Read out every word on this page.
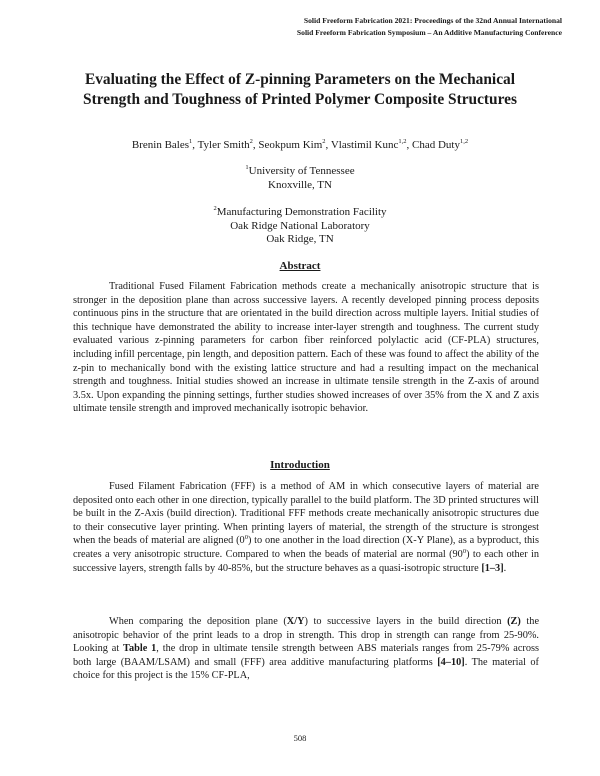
Solid Freeform Fabrication 2021: Proceedings of the 32nd Annual International
Solid Freeform Fabrication Symposium – An Additive Manufacturing Conference
Evaluating the Effect of Z-pinning Parameters on the Mechanical
Strength and Toughness of Printed Polymer Composite Structures
Brenin Bales$^1$, Tyler Smith$^2$, Seokpum Kim$^2$, Vlastimil Kunc$^{1,2}$, Chad Duty$^{1,2}$
$^1$University of Tennessee
Knoxville, TN
$^2$Manufacturing Demonstration Facility
Oak Ridge National Laboratory
Oak Ridge, TN
Abstract

Traditional Fused Filament Fabrication methods create a mechanically anisotropic structure that is stronger in the deposition plane than across successive layers. A recently developed pinning process deposits continuous pins in the structure that are orientated in the build direction across multiple layers. Initial studies of this technique have demonstrated the ability to increase inter-layer strength and toughness. The current study evaluated various z-pinning parameters for carbon fiber reinforced polylactic acid (CF-PLA) structures, including infill percentage, pin length, and deposition pattern. Each of these was found to affect the ability of the z-pin to mechanically bond with the existing lattice structure and had a resulting impact on the mechanical strength and toughness. Initial studies showed an increase in ultimate tensile strength in the Z-axis of around 3.5x. Upon expanding the pinning settings, further studies showed increases of over 35% from the X and Z axis ultimate tensile strength and improved mechanically isotropic behavior.

Introduction

Fused Filament Fabrication (FFF) is a method of AM in which consecutive layers of material are deposited onto each other in one direction, typically parallel to the build platform. The 3D printed structures will be built in the Z-Axis (build direction). Traditional FFF methods create mechanically anisotropic structures due to their consecutive layer printing. When printing layers of material, the strength of the structure is strongest when the beads of material are aligned $(0^0)$ to one another in the load direction (X-Y Plane), as a byproduct, this creates a very anisotropic structure. Compared to when the beads of material are normal $(90^0)$ to each other in successive layers, strength falls by 40-85%, but the structure behaves as a quasi-isotropic structure [1–3].

When comparing the deposition plane (X/Y) to successive layers in the build direction (Z) the anisotropic behavior of the print leads to a drop in strength. This drop in strength can range from 25-90%. Looking at Table 1, the drop in ultimate tensile strength between ABS materials ranges from 25-79% across both large (BAAM/LSAM) and small (FFF) area additive manufacturing platforms [4–10]. The material of choice for this project is the 15% CF-PLA,

508
